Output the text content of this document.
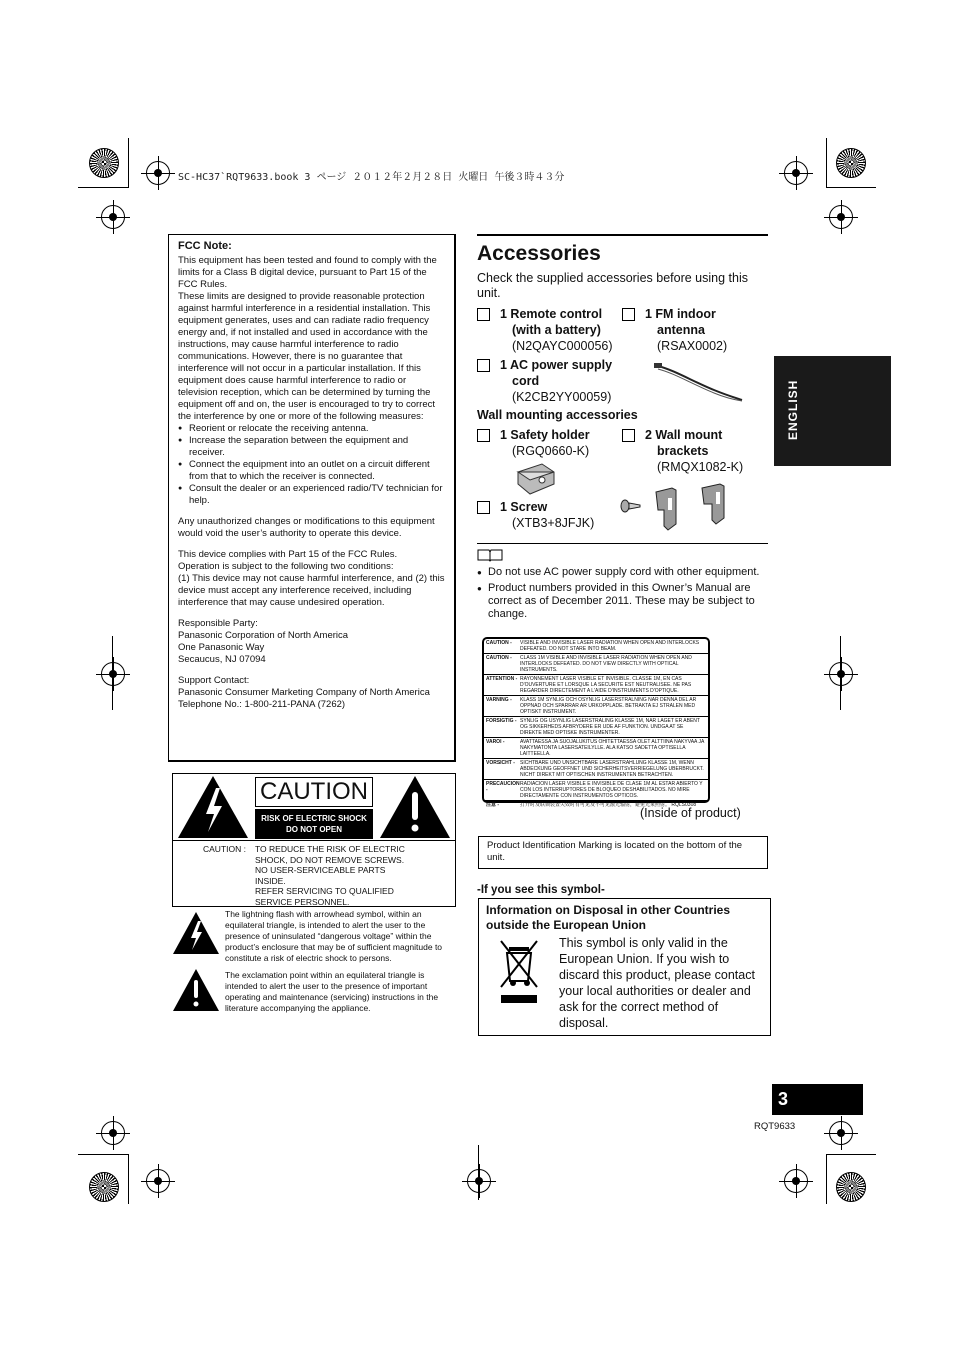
SC-HC37`RQT9633.book 3 ページ ２０１２年２月２８日 火曜日 午後３時４３分
FCC Note:

This equipment has been tested and found to comply with the limits for a Class B digital device, pursuant to Part 15 of the FCC Rules.

These limits are designed to provide reasonable protection against harmful interference in a residential installation. This equipment generates, uses and can radiate radio frequency energy and, if not installed and used in accordance with the instructions, may cause harmful interference to radio communications. However, there is no guarantee that interference will not occur in a particular installation. If this equipment does cause harmful interference to radio or television reception, which can be determined by turning the equipment off and on, the user is encouraged to try to correct the interference by one or more of the following measures:

● Reorient or relocate the receiving antenna.
● Increase the separation between the equipment and receiver.
● Connect the equipment into an outlet on a circuit different from that to which the receiver is connected.
● Consult the dealer or an experienced radio/TV technician for help.

Any unauthorized changes or modifications to this equipment would void the user’s authority to operate this device.

This device complies with Part 15 of the FCC Rules.

Operation is subject to the following two conditions:

(1) This device may not cause harmful interference, and (2) this device must accept any interference received, including interference that may cause undesired operation.

Responsible Party:

Panasonic Corporation of North America

One Panasonic Way

Secaucus, NJ 07094

Support Contact:

Panasonic Consumer Marketing Company of North America

Telephone No.: 1-800-211-PANA (7262)

CAUTION
RISK OF ELECTRIC SHOCK
DO NOT OPEN
CAUTION : TO REDUCE THE RISK OF ELECTRIC
SHOCK, DO NOT REMOVE SCREWS.
NO USER-SERVICEABLE PARTS
INSIDE.
REFER SERVICING TO QUALIFIED
SERVICE PERSONNEL.
The lightning flash with arrowhead symbol, within an equilateral triangle, is intended to alert the user to the presence of uninsulated “dangerous voltage” within the product’s enclosure that may be of sufficient magnitude to constitute a risk of electric shock to persons.
The exclamation point within an equilateral triangle is intended to alert the user to the presence of important operating and maintenance (servicing) instructions in the literature accompanying the appliance.
Accessories
Check the supplied accessories before using this unit.
1 Remote control
(with a battery)
(N2QAYC000056)
1 FM indoor
antenna
(RSAX0002)
1 AC power supply
cord
(K2CB2YY00059)
Wall mounting accessories
1 Safety holder
(RGQ0660-K)
2 Wall mount
brackets
(RMQX1082-K)
1 Screw
(XTB3+8JFJK)
● Do not use AC power supply cord with other equipment.
● Product numbers provided in this Owner’s Manual are correct as of December 2011. These may be subject to change.
CAUTION -	VISIBLE AND INVISIBLE LASER RADIATION WHEN OPEN AND INTERLOCKS DEFEATED. DO NOT STARE INTO BEAM.
CAUTION -	CLASS 1M VISIBLE AND INVISIBLE LASER RADIATION WHEN OPEN AND INTERLOCKS DEFEATED. DO NOT VIEW DIRECTLY WITH OPTICAL INSTRUMENTS.
ATTENTION - RAYONNEMENT LASER VISIBLE ET INVISIBLE. CLASSE 1M, EN CAS D'OUVERTURE ET LORSQUE LA SECURITE EST NEUTRALISEE. NE PAS REGARDER DIRECTEMENT A L'AIDE D'INSTRUMENTS D'OPTIQUE.
VARNING -	KLASS 1M SYNLIG OCH OSYNLIG LASERSTRALNING NAR DENNA DEL AR OPPNAD OCH SPARRAR AR URKOPPLADE. BETRAKTA EJ STRALEN MED OPTISKT INSTRUMENT.
FORSIGTIG - SYNLIG OG USYNLIG LASERSTRALING KLASSE 1M, NAR LAGET ER ABENT OG SIKKERHEDS AFBRYDERE ER UDE AF FUNKTION. UNDGA AT SE DIREKTE MED OPTISKE INSTRUMENTER.
VAROI -	AVATTAESSA JA SUOJALUKITUS OHITETTAESSA OLET ALTTIINA NAKYVAA JA NAKYMATONTA LASERSATEILYLLE. ALA KATSO SADETTA OPTISELLA LAITTEELLA.
VORSICHT -	SICHTBARE UND UNSICHTBARE LASERSTRAHLUNG KLASSE 1M, WENN ABDECKUNG GEOFFNET UND SICHERHEITSVERRIEGELUNG UBERBRUCKT. NICHT DIREKT MIT OPTISCHEN INSTRUMENTEN BETRACHTEN.
PRECAUCION -
RADIACION LASER VISIBLE E INVISIBLE DE CLASE 1M AL ESTAR ABIERTO Y CON LOS INTERRUPTORES DE BLOQUEO DESHABILITADOS. NO MIRE DIRECTAMENTE CON INSTRUMENTOS OPTICOS.
注意 -	打开时及联锁装置失效时有可见及不可见激光辐射，避免光束照射。 RQLS0308
(Inside of product)
Product Identification Marking is located on the bottom of the unit.
-If you see this symbol-
Information on Disposal in other Countries
outside the European Union
This symbol is only valid in the European Union. If you wish to discard this product, please contact your local authorities or dealer and ask for the correct method of disposal.
ENGLISH
3
RQT9633
